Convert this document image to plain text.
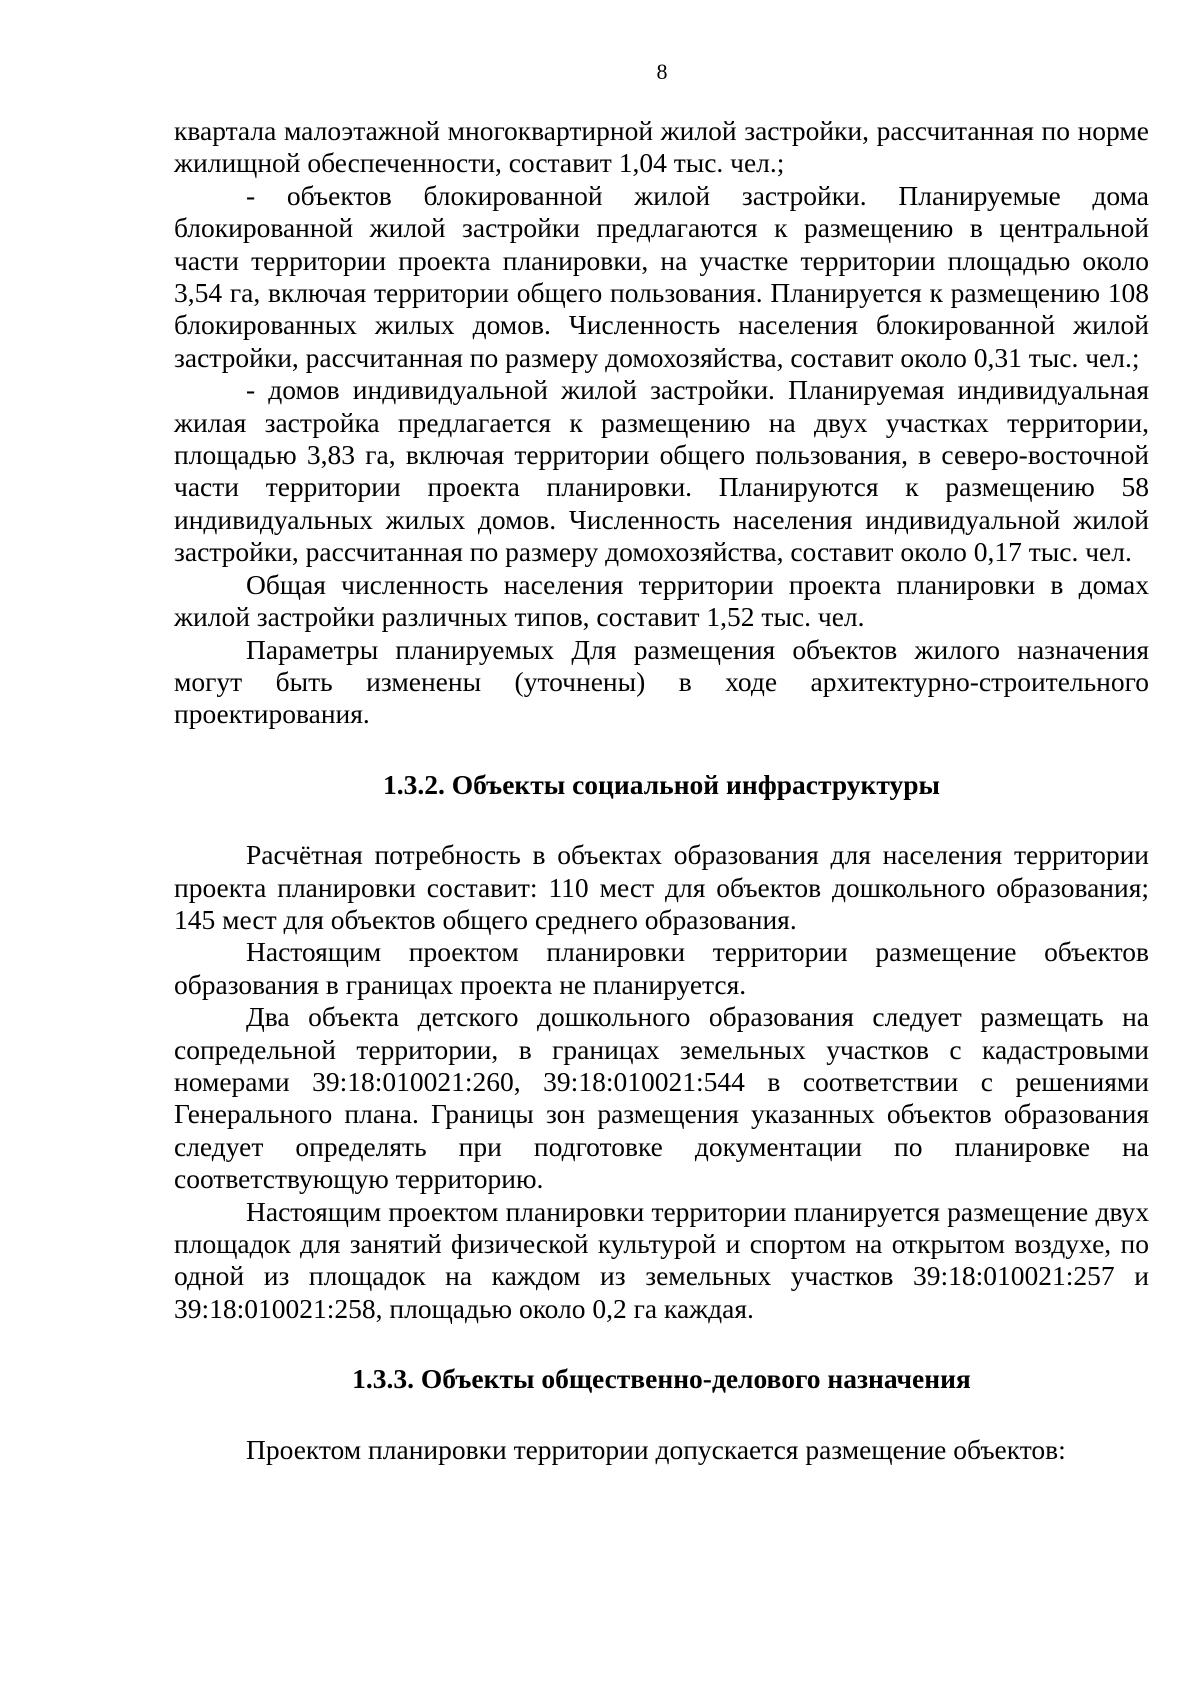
8

квартала малоэтажной многоквартирной жилой застройки, рассчитанная по норме жилищной обеспеченности, составит 1,04 тыс. чел.;

- объектов блокированной жилой застройки. Планируемые дома блокированной жилой застройки предлагаются к размещению в центральной части территории проекта планировки, на участке территории площадью около 3,54 га, включая территории общего пользования. Планируется к размещению 108 блокированных жилых домов. Численность населения блокированной жилой застройки, рассчитанная по размеру домохозяйства, составит около 0,31 тыс. чел.;

- домов индивидуальной жилой застройки. Планируемая индивидуальная жилая застройка предлагается к размещению на двух участках территории, площадью 3,83 га, включая территории общего пользования, в северо-восточной части территории проекта планировки. Планируются к размещению 58 индивидуальных жилых домов. Численность населения индивидуальной жилой застройки, рассчитанная по размеру домохозяйства, составит около 0,17 тыс. чел.

Общая численность населения территории проекта планировки в домах жилой застройки различных типов, составит 1,52 тыс. чел.

Параметры планируемых Для размещения объектов жилого назначения могут быть изменены (уточнены) в ходе архитектурно-строительного проектирования.

1.3.2. Объекты социальной инфраструктуры

Расчётная потребность в объектах образования для населения территории проекта планировки составит: 110 мест для объектов дошкольного образования; 145 мест для объектов общего среднего образования.

Настоящим проектом планировки территории размещение объектов образования в границах проекта не планируется.

Два объекта детского дошкольного образования следует размещать на сопредельной территории, в границах земельных участков с кадастровыми номерами 39:18:010021:260, 39:18:010021:544 в соответствии с решениями Генерального плана. Границы зон размещения указанных объектов образования следует определять при подготовке документации по планировке на соответствующую территорию.

Настоящим проектом планировки территории планируется размещение двух площадок для занятий физической культурой и спортом на открытом воздухе, по одной из площадок на каждом из земельных участков 39:18:010021:257 и 39:18:010021:258, площадью около 0,2 га каждая.

1.3.3. Объекты общественно-делового назначения

Проектом планировки территории допускается размещение объектов:
